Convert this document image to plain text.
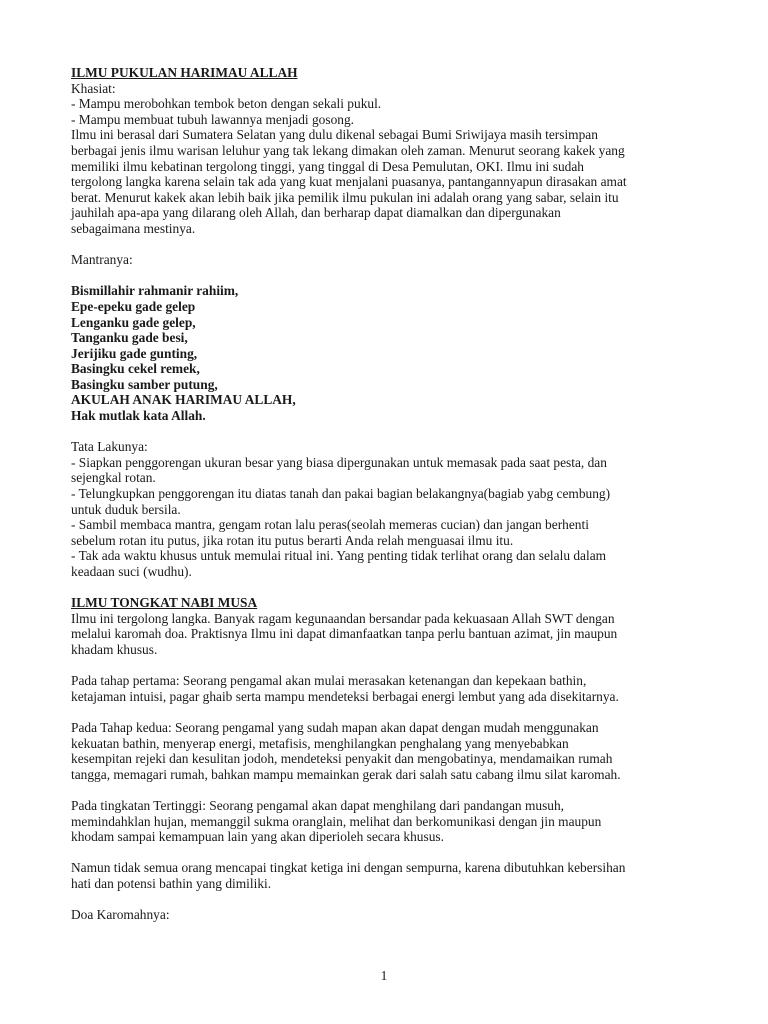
ILMU PUKULAN HARIMAU ALLAH

Khasiat:

- Mampu merobohkan tembok beton dengan sekali pukul.
- Mampu membuat tubuh lawannya menjadi gosong.
Ilmu ini berasal dari Sumatera Selatan yang dulu dikenal sebagai Bumi Sriwijaya masih tersimpan
berbagai jenis ilmu warisan leluhur yang tak lekang dimakan oleh zaman. Menurut seorang kakek yang
memiliki ilmu kebatinan tergolong tinggi, yang tinggal di Desa Pemulutan, OKI. Ilmu ini sudah
tergolong langka karena selain tak ada yang kuat menjalani puasanya, pantangannyapun dirasakan amat
berat. Menurut kakek akan lebih baik jika pemilik ilmu pukulan ini adalah orang yang sabar, selain itu
jauhilah apa-apa yang dilarang oleh Allah, dan berharap dapat diamalkan dan dipergunakan
sebagaimana mestinya.

Mantranya:

Bismillahir rahmanir rahiim,
Epe-epeku gade gelep
Lenganku gade gelep,
Tanganku gade besi,
Jerijiku gade gunting,
Basingku cekel remek,
Basingku samber putung,
AKULAH ANAK HARIMAU ALLAH,
Hak mutlak kata Allah.

Tata Lakunya:

- Siapkan penggorengan ukuran besar yang biasa dipergunakan untuk memasak pada saat pesta, dan
sejengkal rotan.
- Telungkupkan penggorengan itu diatas tanah dan pakai bagian belakangnya(bagiab yabg cembung)
untuk duduk bersila.
- Sambil membaca mantra, gengam rotan lalu peras(seolah memeras cucian) dan jangan berhenti
sebelum rotan itu putus, jika rotan itu putus berarti Anda relah menguasai ilmu itu.
- Tak ada waktu khusus untuk memulai ritual ini. Yang penting tidak terlihat orang dan selalu dalam
keadaan suci (wudhu).

ILMU TONGKAT NABI MUSA

Ilmu ini tergolong langka. Banyak ragam kegunaandan bersandar pada kekuasaan Allah SWT dengan
melalui karomah doa. Praktisnya Ilmu ini dapat dimanfaatkan tanpa perlu bantuan azimat, jin maupun
khadam khusus.
Pada tahap pertama: Seorang pengamal akan mulai merasakan ketenangan dan kepekaan bathin,
ketajaman intuisi, pagar ghaib serta mampu mendeteksi berbagai energi lembut yang ada disekitarnya.
Pada Tahap kedua: Seorang pengamal yang sudah mapan akan dapat dengan mudah menggunakan
kekuatan bathin, menyerap energi, metafisis, menghilangkan penghalang yang menyebabkan
kesempitan rejeki dan kesulitan jodoh, mendeteksi penyakit dan mengobatinya, mendamaikan rumah
tangga, memagari rumah, bahkan mampu memainkan gerak dari salah satu cabang ilmu silat karomah.
Pada tingkatan Tertinggi: Seorang pengamal akan dapat menghilang dari pandangan musuh,
memindahklan hujan, memanggil sukma oranglain, melihat dan berkomunikasi dengan jin maupun
khodam sampai kemampuan lain yang akan diperioleh secara khusus.
Namun tidak semua orang mencapai tingkat ketiga ini dengan sempurna, karena dibutuhkan kebersihan
hati dan potensi bathin yang dimiliki.

Doa Karomahnya:

1
